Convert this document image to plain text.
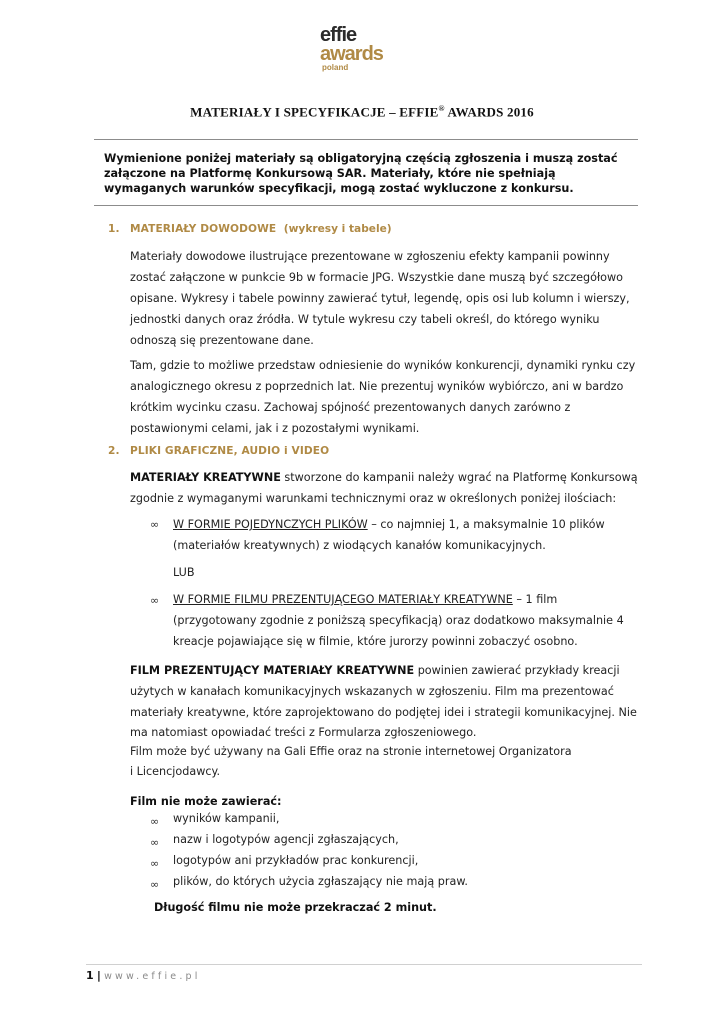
effie
awards
poland
MATERIAŁY I SPECYFIKACJE – EFFIE® AWARDS 2016
Wymienione poniżej materiały są obligatoryjną częścią zgłoszenia i muszą zostać załączone na Platformę Konkursową SAR. Materiały, które nie spełniają wymaganych warunków specyfikacji, mogą zostać wykluczone z konkursu.
1. MATERIAŁY DOWODOWE (wykresy i tabele)
Materiały dowodowe ilustrujące prezentowane w zgłoszeniu efekty kampanii powinny
zostać załączone w punkcie 9b w formacie JPG. Wszystkie dane muszą być szczegółowo
opisane. Wykresy i tabele powinny zawierać tytuł, legendę, opis osi lub kolumn i wierszy,
jednostki danych oraz źródła. W tytule wykresu czy tabeli określ, do którego wyniku
odnoszą się prezentowane dane.
Tam, gdzie to możliwe przedstaw odniesienie do wyników konkurencji, dynamiki rynku czy
analogicznego okresu z poprzednich lat. Nie prezentuj wyników wybiórczo, ani w bardzo
krótkim wycinku czasu. Zachowaj spójność prezentowanych danych zarówno z
postawionymi celami, jak i z pozostałymi wynikami.
2. PLIKI GRAFICZNE, AUDIO i VIDEO
MATERIAŁY KREATYWNE stworzone do kampanii należy wgrać na Platformę Konkursową
zgodnie z wymaganymi warunkami technicznymi oraz w określonych poniżej ilościach:
∞ W FORMIE POJEDYNCZYCH PLIKÓW – co najmniej 1, a maksymalnie 10 plików
(materiałów kreatywnych) z wiodących kanałów komunikacyjnych.
LUB
∞ W FORMIE FILMU PREZENTUJĄCEGO MATERIAŁY KREATYWNE – 1 film
(przygotowany zgodnie z poniższą specyfikacją) oraz dodatkowo maksymalnie 4
kreacje pojawiające się w filmie, które jurorzy powinni zobaczyć osobno.
FILM PREZENTUJĄCY MATERIAŁY KREATYWNE powinien zawierać przykłady kreacji
użytych w kanałach komunikacyjnych wskazanych w zgłoszeniu. Film ma prezentować
materiały kreatywne, które zaprojektowano do podjętej idei i strategii komunikacyjnej. Nie
ma natomiast opowiadać treści z Formularza zgłoszeniowego.
Film może być używany na Gali Effie oraz na stronie internetowej Organizatora
i Licencjodawcy.
Film nie może zawierać:
∞ wyników kampanii,
∞ nazw i logotypów agencji zgłaszających,
∞ logotypów ani przykładów prac konkurencji,
∞ plików, do których użycia zgłaszający nie mają praw.
Długość filmu nie może przekraczać 2 minut.
1 | www.effie.pl
